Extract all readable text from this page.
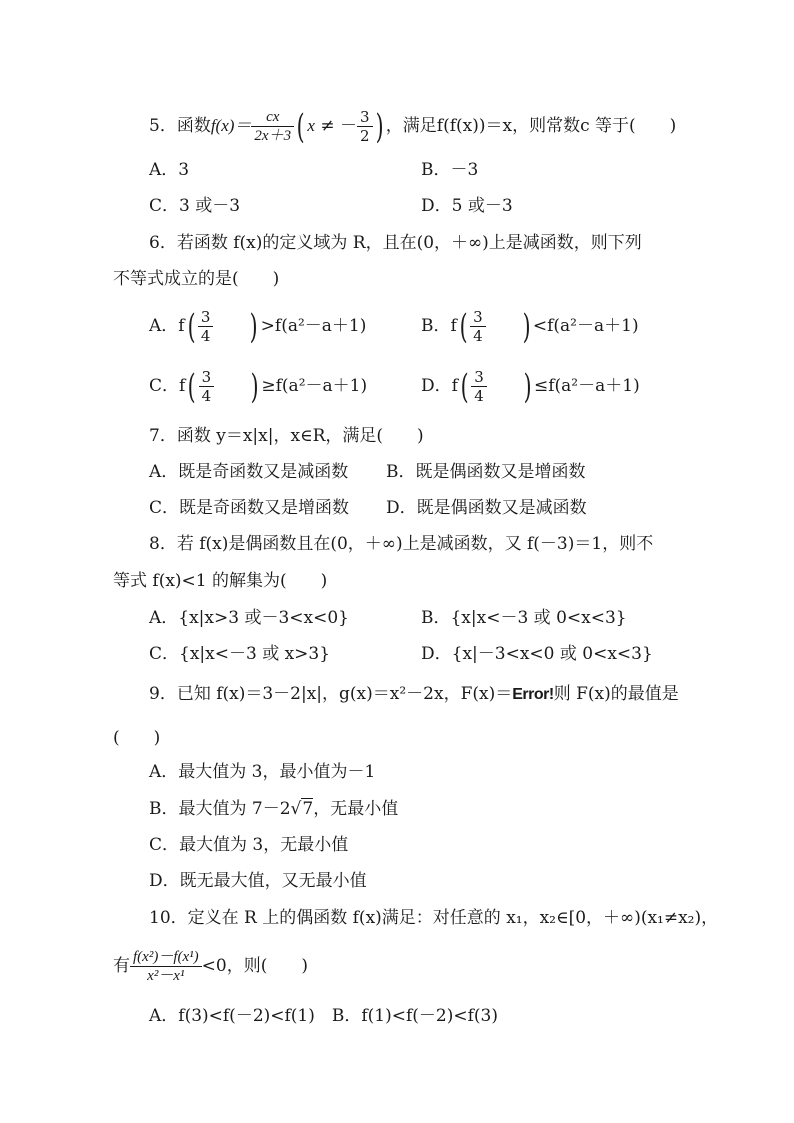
5．函数$f(x)= \frac{cx}{2x+3}$ ( x ≠ － $\frac{3}{2}$ ) ，满足f(f(x))＝x，则常数c 等于(　　)
A．3	B．－3
C．3 或－3	D．5 或－3
6．若函数 f(x)的定义域为 R，且在(0，＋∞)上是减函数，则下列
不等式成立的是(　　)
A．$f( \frac{3}{4}$ ) >f(a²－a＋1)	B．$f( \frac{3}{4}$ ) <f(a²－a＋1)
C．$f( \frac{3}{4}$ ) ≥f(a²－a＋1)	D．$f( \frac{3}{4}$ ) ≤f(a²－a＋1)
7．函数 y＝x|x|，x∈R，满足(　　)
A．既是奇函数又是减函数 B．既是偶函数又是增函数
C．既是奇函数又是增函数 D．既是偶函数又是减函数
8．若 f(x)是偶函数且在(0，＋∞)上是减函数，又 f(－3)＝1，则不
等式 f(x)<1 的解集为(　　)
A．{x|x>3 或－3<x<0}	B．{x|x<－3 或 0<x<3}
C．{x|x<－3 或 x>3}	D．{x|－3<x<0 或 0<x<3}
9．已知 f(x)＝3－2|x|，g(x)＝x²－2x，F(x)＝Error!则 F(x)的最值是
(　　)
A．最大值为 3，最小值为－1
B．最大值为 7－2√7，无最小值
C．最大值为 3，无最小值
D．既无最大值，又无最小值
10．定义在 R 上的偶函数 f(x)满足：对任意的 x₁，x₂∈[0，＋∞)(x₁≠x₂)，
有 $\frac{\text{f(x²)－f(x¹)}}{\text{x²－x¹}} <0$，则(　　)
A．f(3)<f(－2)<f(1)　B．f(1)<f(－2)<f(3)
